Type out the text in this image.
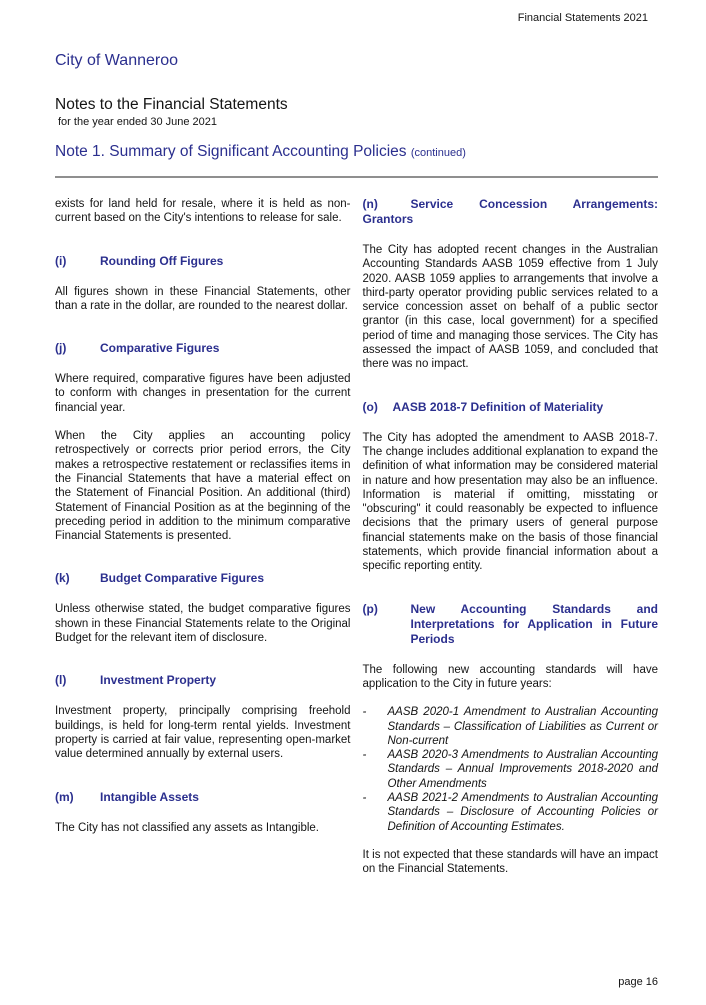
Financial Statements 2021
City of Wanneroo
Notes to the Financial Statements
for the year ended 30 June 2021
Note 1. Summary of Significant Accounting Policies (continued)
exists for land held for resale, where it is held as non-current based on the City's intentions to release for sale.
(i)	Rounding Off Figures
All figures shown in these Financial Statements, other than a rate in the dollar, are rounded to the nearest dollar.
(j)	Comparative Figures
Where required, comparative figures have been adjusted to conform with changes in presentation for the current financial year.
When the City applies an accounting policy retrospectively or corrects prior period errors, the City makes a retrospective restatement or reclassifies items in the Financial Statements that have a material effect on the Statement of Financial Position. An additional (third) Statement of Financial Position as at the beginning of the preceding period in addition to the minimum comparative Financial Statements is presented.
(k)	Budget Comparative Figures
Unless otherwise stated, the budget comparative figures shown in these Financial Statements relate to the Original Budget for the relevant item of disclosure.
(l)	Investment Property
Investment property, principally comprising freehold buildings, is held for long-term rental yields. Investment property is carried at fair value, representing open-market value determined annually by external users.
(m) Intangible Assets
The City has not classified any assets as Intangible.
(n)	Service Concession Arrangements: Grantors
The City has adopted recent changes in the Australian Accounting Standards AASB 1059 effective from 1 July 2020. AASB 1059 applies to arrangements that involve a third-party operator providing public services related to a service concession asset on behalf of a public sector grantor (in this case, local government) for a specified period of time and managing those services. The City has assessed the impact of AASB 1059, and concluded that there was no impact.
(o) AASB 2018-7 Definition of Materiality
The City has adopted the amendment to AASB 2018-7. The change includes additional explanation to expand the definition of what information may be considered material in nature and how presentation may also be an influence. Information is material if omitting, misstating or "obscuring" it could reasonably be expected to influence decisions that the primary users of general purpose financial statements make on the basis of those financial statements, which provide financial information about a specific reporting entity.
(p)	New Accounting Standards and Interpretations for Application in Future Periods
The following new accounting standards will have application to the City in future years:
-	AASB 2020-1 Amendment to Australian Accounting Standards – Classification of Liabilities as Current or Non-current
-	AASB 2020-3 Amendments to Australian Accounting Standards – Annual Improvements 2018-2020 and Other Amendments
-	AASB 2021-2 Amendments to Australian Accounting Standards – Disclosure of Accounting Policies or Definition of Accounting Estimates.
It is not expected that these standards will have an impact on the Financial Statements.
page 16
